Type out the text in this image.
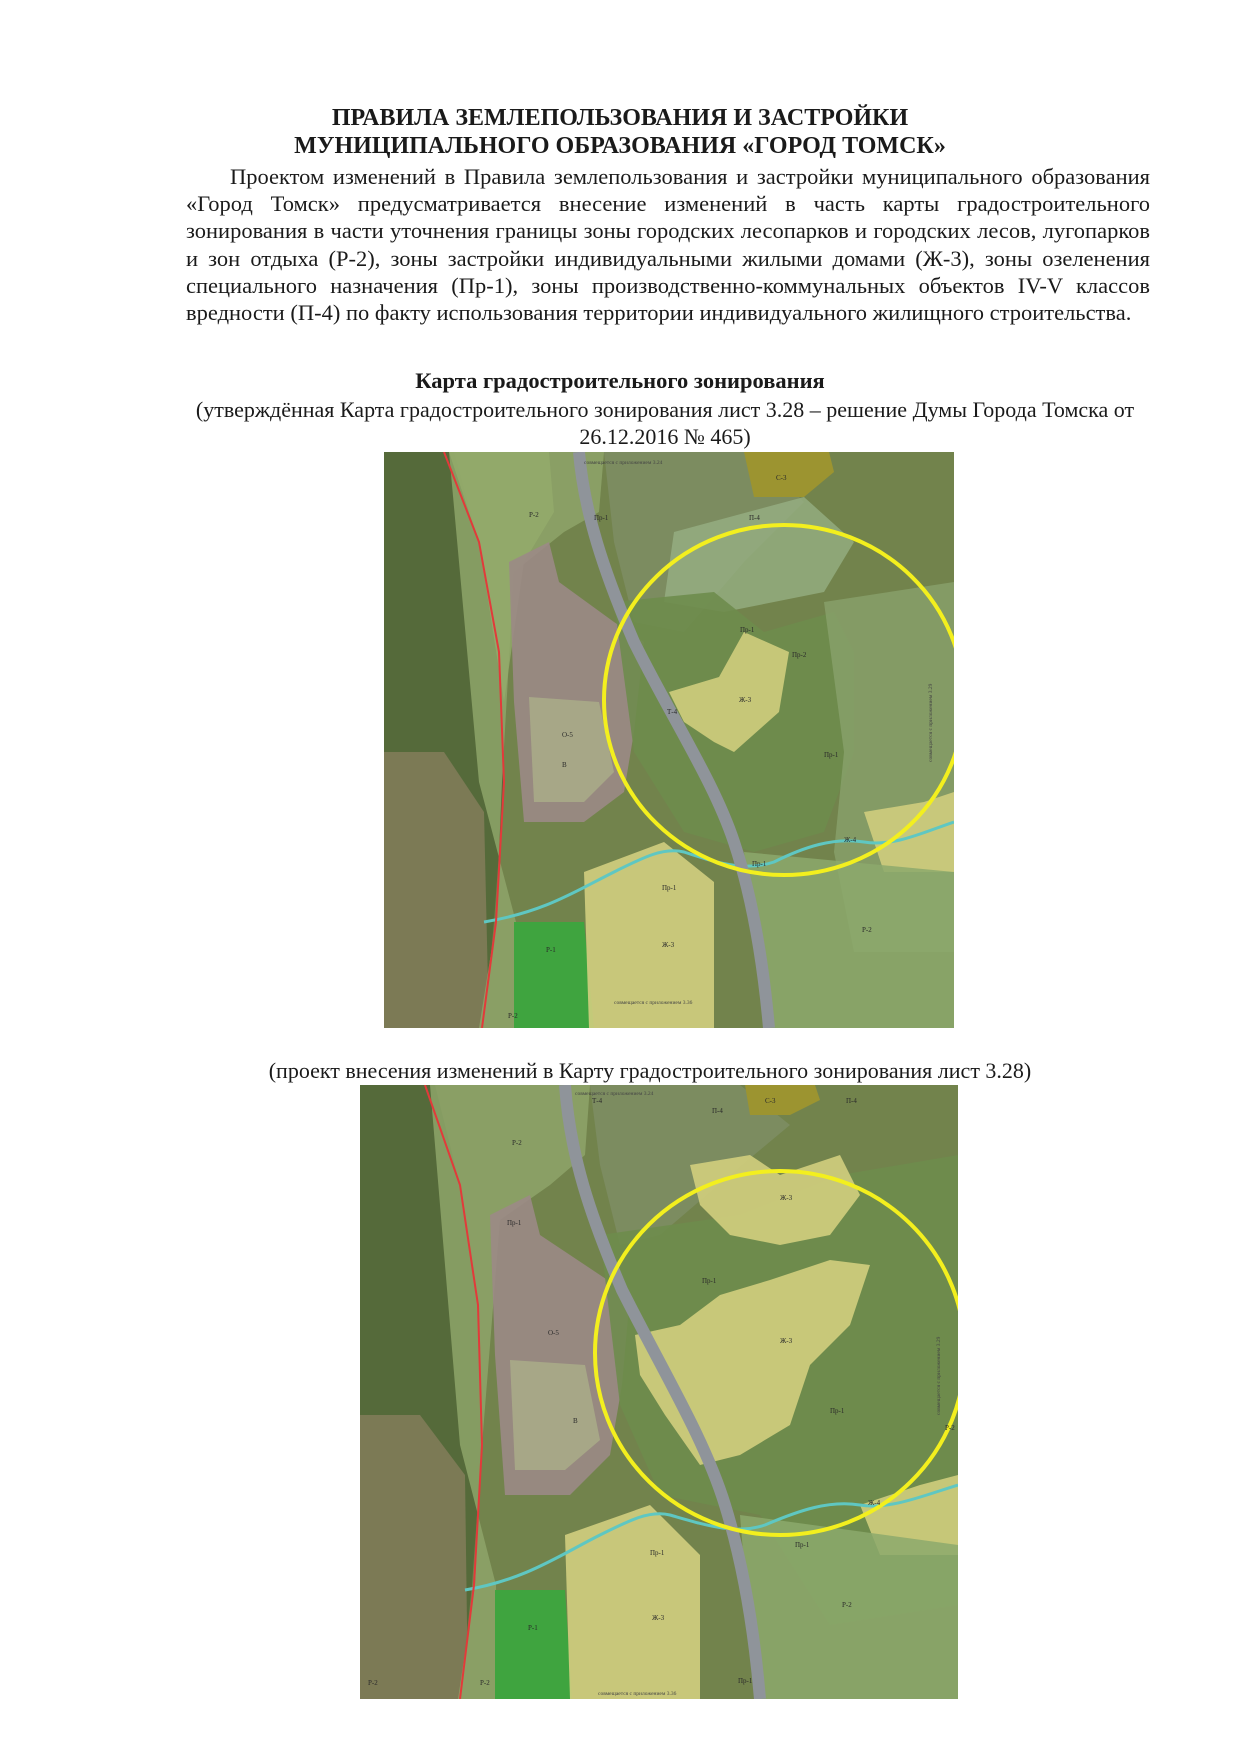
ПРАВИЛА ЗЕМЛЕПОЛЬЗОВАНИЯ И ЗАСТРОЙКИ
МУНИЦИПАЛЬНОГО ОБРАЗОВАНИЯ «ГОРОД ТОМСК»

Проектом изменений в Правила землепользования и застройки муниципального образования «Город Томск» предусматривается внесение изменений в часть карты градостроительного зонирования в части уточнения границы зоны городских лесопарков и городских лесов, лугопарков и зон отдыха (Р-2), зоны застройки индивидуальными жилыми домами (Ж-3), зоны озеленения специального назначения (Пр-1), зоны производственно-коммунальных объектов IV-V классов вредности (П-4) по факту использования территории индивидуального жилищного строительства.

Карта градостроительного зонирования

(утверждённая Карта градостроительного зонирования лист 3.28 – решение Думы Города Томска от 26.12.2016 № 465)

Р-2	Пр-1
С-3
П-4
Пр-1
Пр-2
Т-4
О-5
В
Ж-3
Пр-1
Ж-4
Пр-1
Пр-1
Р-1
Ж-3
Р-2
Р-2
совмещается с приложением 3.24
совмещается с приложением 3.36
совмещается с приложением 3.29

(проект внесения изменений в Карту градостроительного зонирования лист 3.28)

Р-2
Т-4
П-4
С-3	П-4
Ж-3
Пр-1
Пр-1
О-5
Ж-3
В
Пр-1
Р-2
Ж-4
Пр-1
Пр-1
Р-2
Р-1
Ж-3
Пр-1
Р-2	Р-2
совмещается с приложением 3.24
совмещается с приложением 3.36
совмещается с приложением 3.29
